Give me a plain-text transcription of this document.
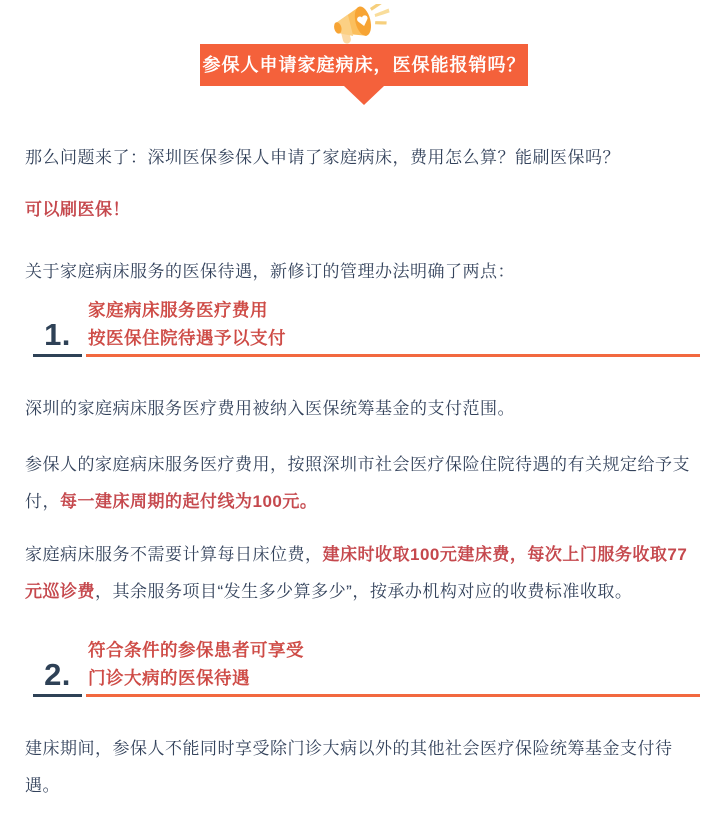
参保人申请家庭病床，医保能报销吗？

那么问题来了：深圳医保参保人申请了家庭病床，费用怎么算？能刷医保吗？

可以刷医保！

关于家庭病床服务的医保待遇，新修订的管理办法明确了两点：

1.
家庭病床服务医疗费用
按医保住院待遇予以支付

深圳的家庭病床服务医疗费用被纳入医保统筹基金的支付范围。

参保人的家庭病床服务医疗费用，按照深圳市社会医疗保险住院待遇的有关规定给予支付，每一建床周期的起付线为100元。

家庭病床服务不需要计算每日床位费，建床时收取100元建床费，每次上门服务收取77元巡诊费，其余服务项目“发生多少算多少”，按承办机构对应的收费标准收取。

2.
符合条件的参保患者可享受
门诊大病的医保待遇

建床期间，参保人不能同时享受除门诊大病以外的其他社会医疗保险统筹基金支付待遇。
